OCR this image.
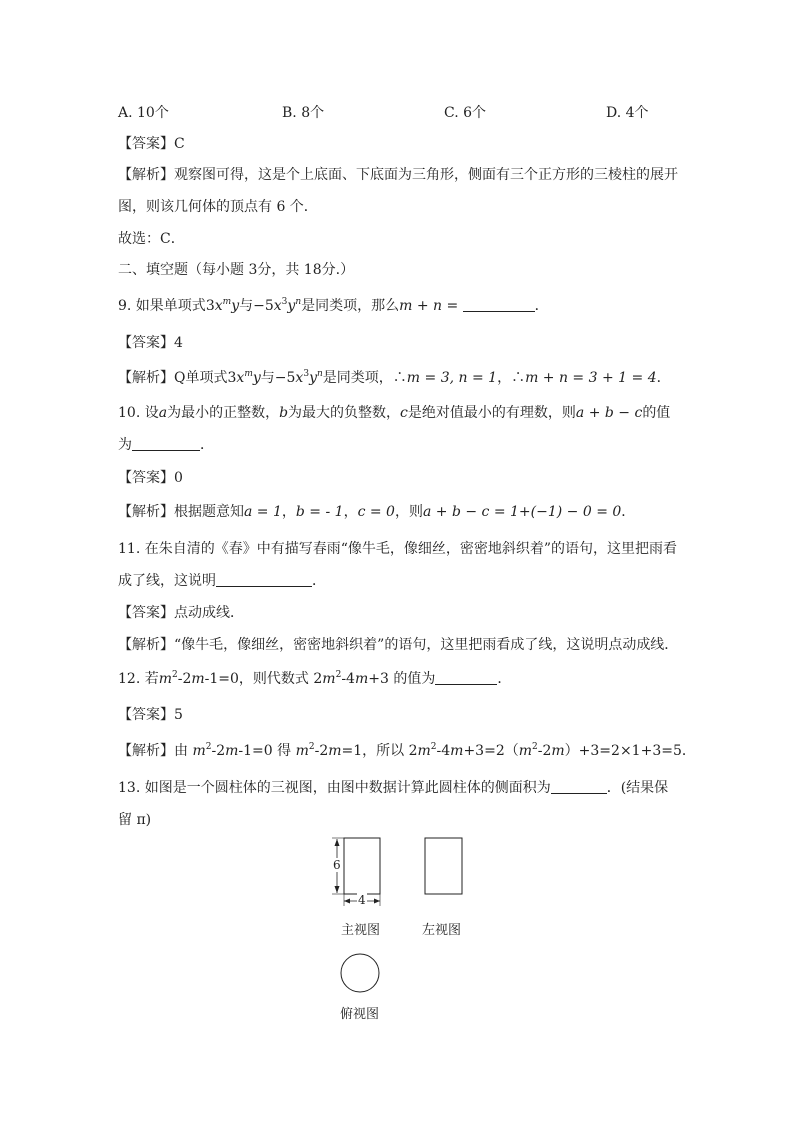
A. 10个	B. 8个	C. 6个	D. 4个
【答案】C
【解析】观察图可得，这是个上底面、下底面为三角形，侧面有三个正方形的三棱柱的展开
图，则该几何体的顶点有 6 个．
故选：C．
二、填空题（每小题 3分，共 18分.）
9. 如果单项式$3x^my$与$-5x^3y^n$是同类项，那么m + n =	．
【答案】4
【解析】Q单项式$3x^my$与$-5x^3y^n$是同类项，∴m = 3, n = 1，∴m + n = 3 + 1 = 4．
10. 设a为最小的正整数，b为最大的负整数，c是绝对值最小的有理数，则a + b − c的值
为	．
【答案】0
【解析】根据题意知a = 1，b = - 1，c = 0，则a + b − c = 1+(−1) − 0 = 0．
11. 在朱自清的《春》中有描写春雨“像牛毛，像细丝，密密地斜织着”的语句，这里把雨看
成了线，这说明	．
【答案】点动成线．
【解析】“像牛毛，像细丝，密密地斜织着”的语句，这里把雨看成了线，这说明点动成线．
12. 若$m^2-2m-1=0$，则代数式 $2m^2-4m+3$ 的值为	．
【答案】5
【解析】由 $m^2-2m-1=0$ 得 $m^2-2m=1$，所以 $2m^2-4m+3=2(m^2-2m)+3=2\times 1+3=5$．
13. 如图是一个圆柱体的三视图，由图中数据计算此圆柱体的侧面积为	．(结果保
留 π)
6
4
主视图	左视图
俯视图
